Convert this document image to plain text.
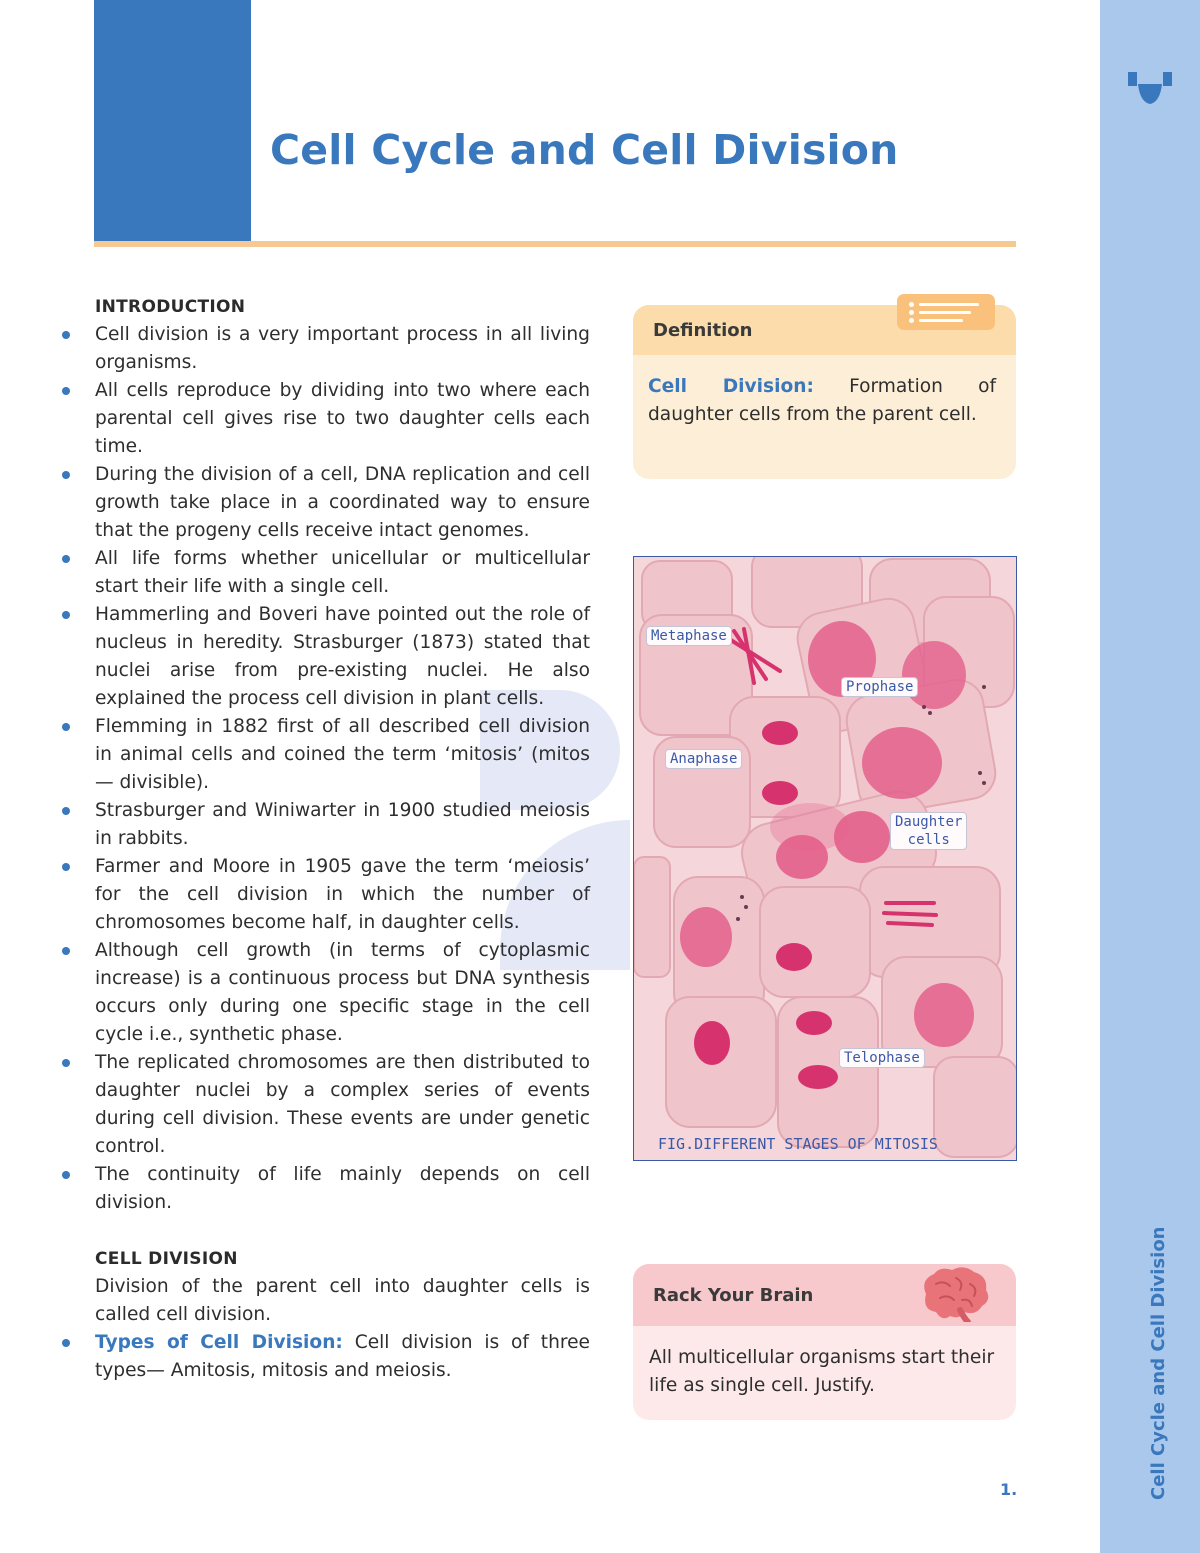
Cell Cycle and Cell Division
Cell Cycle and Cell Division
INTRODUCTION
Cell division is a very important process in all living organisms.
All cells reproduce by dividing into two where each parental cell gives rise to two daughter cells each time.
During the division of a cell, DNA replication and cell growth take place in a coordinated way to ensure that the progeny cells receive intact genomes.
All life forms whether unicellular or multicellular start their life with a single cell.
Hammerling and Boveri have pointed out the role of nucleus in heredity. Strasburger (1873) stated that nuclei arise from pre-existing nuclei. He also explained the process cell division in plant cells.
Flemming in 1882 first of all described cell division in animal cells and coined the term ‘mitosis’ (mitos — divisible).
Strasburger and Winiwarter in 1900 studied meiosis in rabbits.
Farmer and Moore in 1905 gave the term ‘meiosis’ for the cell division in which the number of chromosomes become half, in daughter cells.
Although cell growth (in terms of cytoplasmic increase) is a continuous process but DNA synthesis occurs only during one specific stage in the cell cycle i.e., synthetic phase.
The replicated chromosomes are then distributed to daughter nuclei by a complex series of events during cell division. These events are under genetic control.
The continuity of life mainly depends on cell division.
CELL DIVISION

Division of the parent cell into daughter cells is called cell division.

Types of Cell Division: Cell division is of three types— Amitosis, mitosis and meiosis.
Definition
Cell Division: Formation of daughter cells from the parent cell.
Metaphase
Prophase
Anaphase
Daughter
cells
Telophase
FIG.DIFFERENT STAGES OF MITOSIS
Rack Your Brain
All multicellular organisms start their life as single cell. Justify.
1.
